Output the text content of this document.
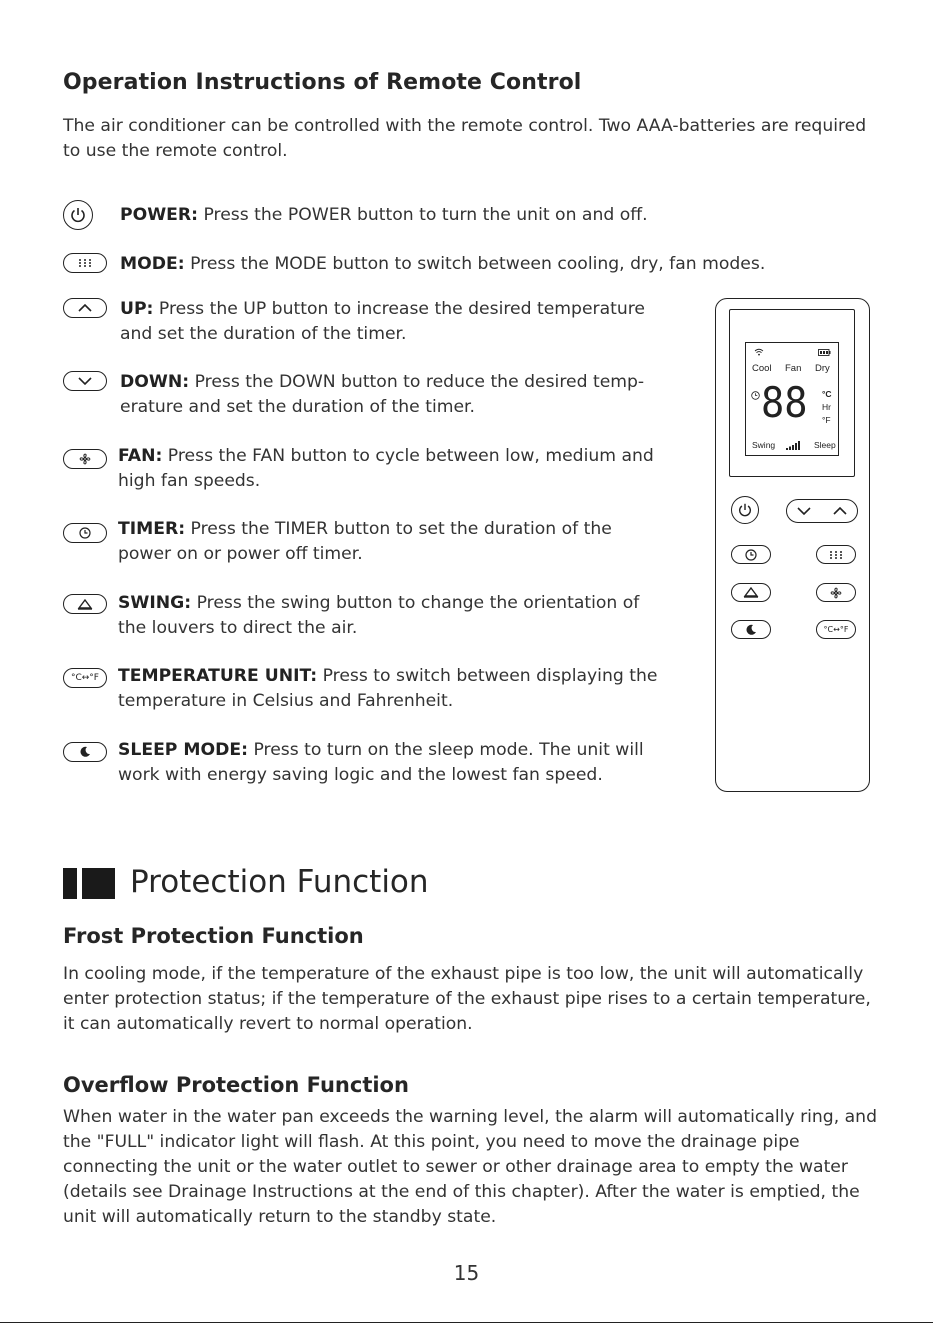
Operation Instructions of Remote Control
The air conditioner can be controlled with the remote control. Two AAA-batteries are required to use the remote control.
POWER: Press the POWER button to turn the unit on and off.
MODE: Press the MODE button to switch between cooling, dry, fan modes.
UP: Press the UP button to increase the desired temperature and set the duration of the timer.
DOWN: Press the DOWN button to reduce the desired temp-erature and set the duration of the timer.
FAN: Press the FAN button to cycle between low, medium and high fan speeds.
TIMER: Press the TIMER button to set the duration of the power on or power off timer.
SWING: Press the swing button to change the orientation of the louvers to direct the air.
°C↔°F	TEMPERATURE UNIT: Press to switch between displaying the temperature in Celsius and Fahrenheit.
z SLEEP MODE: Press to turn on the sleep mode. The unit will work with energy saving logic and the lowest fan speed.
Cool Fan Dry
88 °C
Hr
°F
Swing	Sleep
°C↔°F
Protection Function
Frost Protection Function
In cooling mode, if the temperature of the exhaust pipe is too low, the unit will automatically enter protection status; if the temperature of the exhaust pipe rises to a certain temperature, it can automatically revert to normal operation.
Overflow Protection Function
When water in the water pan exceeds the warning level, the alarm will automatically ring, and the "FULL" indicator light will flash. At this point, you need to move the drainage pipe connecting the unit or the water outlet to sewer or other drainage area to empty the water (details see Drainage Instructions at the end of this chapter). After the water is emptied, the unit will automatically return to the standby state.
15
